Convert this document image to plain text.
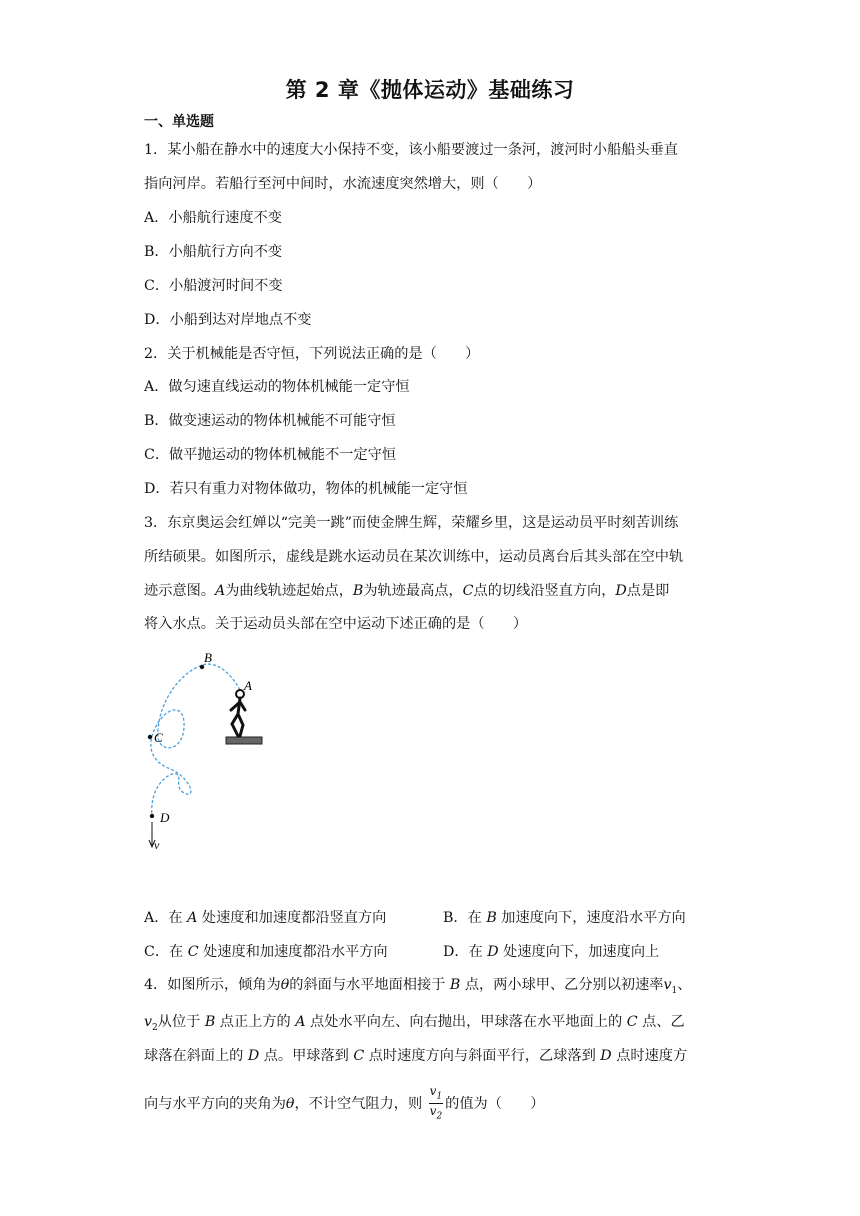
第 2 章《抛体运动》基础练习
一、单选题
1．某小船在静水中的速度大小保持不变，该小船要渡过一条河，渡河时小船船头垂直
指向河岸。若船行至河中间时，水流速度突然增大，则（　　）
A．小船航行速度不变
B．小船航行方向不变
C．小船渡河时间不变
D．小船到达对岸地点不变
2．关于机械能是否守恒，下列说法正确的是（　　）
A．做匀速直线运动的物体机械能一定守恒
B．做变速运动的物体机械能不可能守恒
C．做平抛运动的物体机械能不一定守恒
D．若只有重力对物体做功，物体的机械能一定守恒
3．东京奥运会红婵以“完美一跳”而使金牌生辉，荣耀乡里，这是运动员平时刻苦训练
所结硕果。如图所示，虚线是跳水运动员在某次训练中，运动员离台后其头部在空中轨
迹示意图。A为曲线轨迹起始点，B为轨迹最高点，C点的切线沿竖直方向，D点是即
将入水点。关于运动员头部在空中运动下述正确的是（　　）
B
A
C
D
v
A．在 A 处速度和加速度都沿竖直方向	B．在 B 加速度向下，速度沿水平方向
C．在 C 处速度和加速度都沿水平方向	D．在 D 处速度向下，加速度向上
4．如图所示，倾角为θ的斜面与水平地面相接于 B 点，两小球甲、乙分别以初速率$v_1$、
$v_2$从位于 B 点正上方的 A 点处水平向左、向右抛出，甲球落在水平地面上的 C 点、乙
球落在斜面上的 D 点。甲球落到 C 点时速度方向与斜面平行，乙球落到 D 点时速度方
向与水平方向的夹角为θ，不计空气阻力，则 $\frac{v_1}{v_2}$ 的值为（　　）
